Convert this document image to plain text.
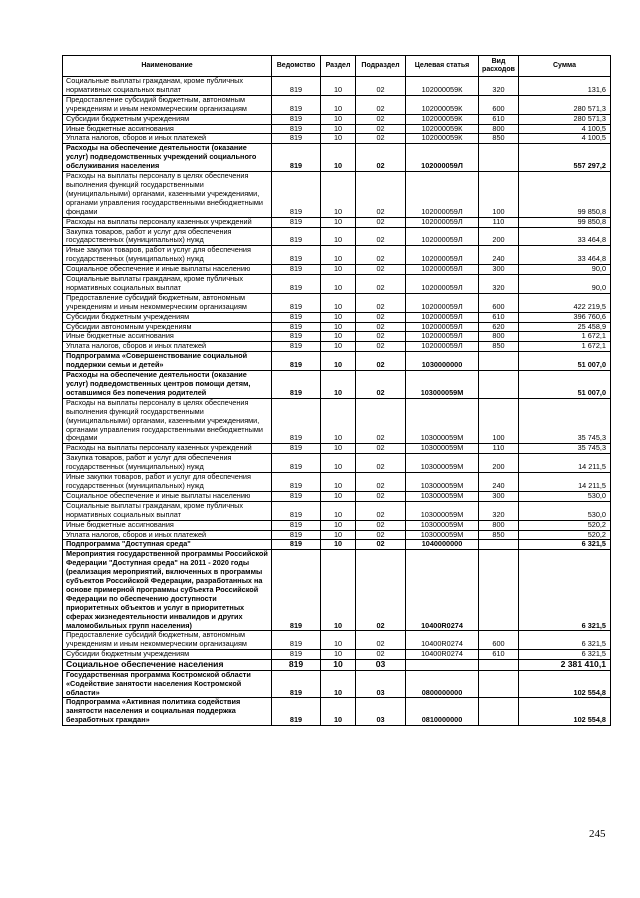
Наименование	Ведомство	Раздел	Подраздел	Целевая статья	Вид расходов	Сумма
Социальные выплаты гражданам, кроме публичных нормативных социальных выплат	819	10	02	102000059К	320	131,6
Предоставление субсидий бюджетным, автономным учреждениям и иным некоммерческим организациям	819	10	02	102000059К	600	280 571,3
Субсидии бюджетным учреждениям	819	10	02	102000059К	610	280 571,3
Иные бюджетные ассигнования	819	10	02	102000059К	800	4 100,5
Уплата налогов, сборов и иных платежей	819	10	02	102000059К	850	4 100,5
Расходы на обеспечение деятельности (оказание услуг) подведомственных учреждений социального обслуживания населения	819	10	02	102000059Л		557 297,2
Расходы на выплаты персоналу в целях обеспечения выполнения функций государственными (муниципальными) органами, казенными учреждениями, органами управления государственными внебюджетными фондами	819	10	02	102000059Л	100	99 850,8
Расходы на выплаты персоналу казенных учреждений	819	10	02	102000059Л	110	99 850,8
Закупка товаров, работ и услуг для обеспечения государственных (муниципальных) нужд	819	10	02	102000059Л	200	33 464,8
Иные закупки товаров, работ и услуг для обеспечения государственных (муниципальных) нужд	819	10	02	102000059Л	240	33 464,8
Социальное обеспечение и иные выплаты населению	819	10	02	102000059Л	300	90,0
Социальные выплаты гражданам, кроме публичных нормативных социальных выплат	819	10	02	102000059Л	320	90,0
Предоставление субсидий бюджетным, автономным учреждениям и иным некоммерческим организациям	819	10	02	102000059Л	600	422 219,5
Субсидии бюджетным учреждениям	819	10	02	102000059Л	610	396 760,6
Субсидии автономным учреждениям	819	10	02	102000059Л	620	25 458,9
Иные бюджетные ассигнования	819	10	02	102000059Л	800	1 672,1
Уплата налогов, сборов и иных платежей	819	10	02	102000059Л	850	1 672,1
Подпрограмма «Совершенствование социальной поддержки семьи и детей»	819	10	02	1030000000		51 007,0
Расходы на обеспечение деятельности (оказание услуг) подведомственных центров помощи детям, оставшимся без попечения родителей	819	10	02	103000059М		51 007,0
Расходы на выплаты персоналу в целях обеспечения выполнения функций государственными (муниципальными) органами, казенными учреждениями, органами управления государственными внебюджетными фондами	819	10	02	103000059М	100	35 745,3
Расходы на выплаты персоналу казенных учреждений	819	10	02	103000059М	110	35 745,3
Закупка товаров, работ и услуг для обеспечения государственных (муниципальных) нужд	819	10	02	103000059М	200	14 211,5
Иные закупки товаров, работ и услуг для обеспечения государственных (муниципальных) нужд	819	10	02	103000059М	240	14 211,5
Социальное обеспечение и иные выплаты населению	819	10	02	103000059М	300	530,0
Социальные выплаты гражданам, кроме публичных нормативных социальных выплат	819	10	02	103000059М	320	530,0
Иные бюджетные ассигнования	819	10	02	103000059М	800	520,2
Уплата налогов, сборов и иных платежей	819	10	02	103000059М	850	520,2
Подпрограмма "Доступная среда"	819	10	02	1040000000		6 321,5
Мероприятия государственной программы Российской Федерации "Доступная среда" на 2011 - 2020 годы (реализация мероприятий, включенных в программы субъектов Российской Федерации, разработанных на основе примерной программы субъекта Российской Федерации по обеспечению доступности приоритетных объектов и услуг в приоритетных сферах жизнедеятельности инвалидов и других маломобильных групп населения)	819	10	02	10400R0274		6 321,5
Предоставление субсидий бюджетным, автономным учреждениям и иным некоммерческим организациям	819	10	02	10400R0274	600	6 321,5
Субсидии бюджетным учреждениям	819	10	02	10400R0274	610	6 321,5
Социальное обеспечение населения	819	10	03			2 381 410,1
Государственная программа Костромской области «Содействие занятости населения Костромской области»	819	10	03	0800000000		102 554,8
Подпрограмма «Активная политика содействия занятости населения и социальная поддержка безработных граждан»	819	10	03	0810000000		102 554,8
245
